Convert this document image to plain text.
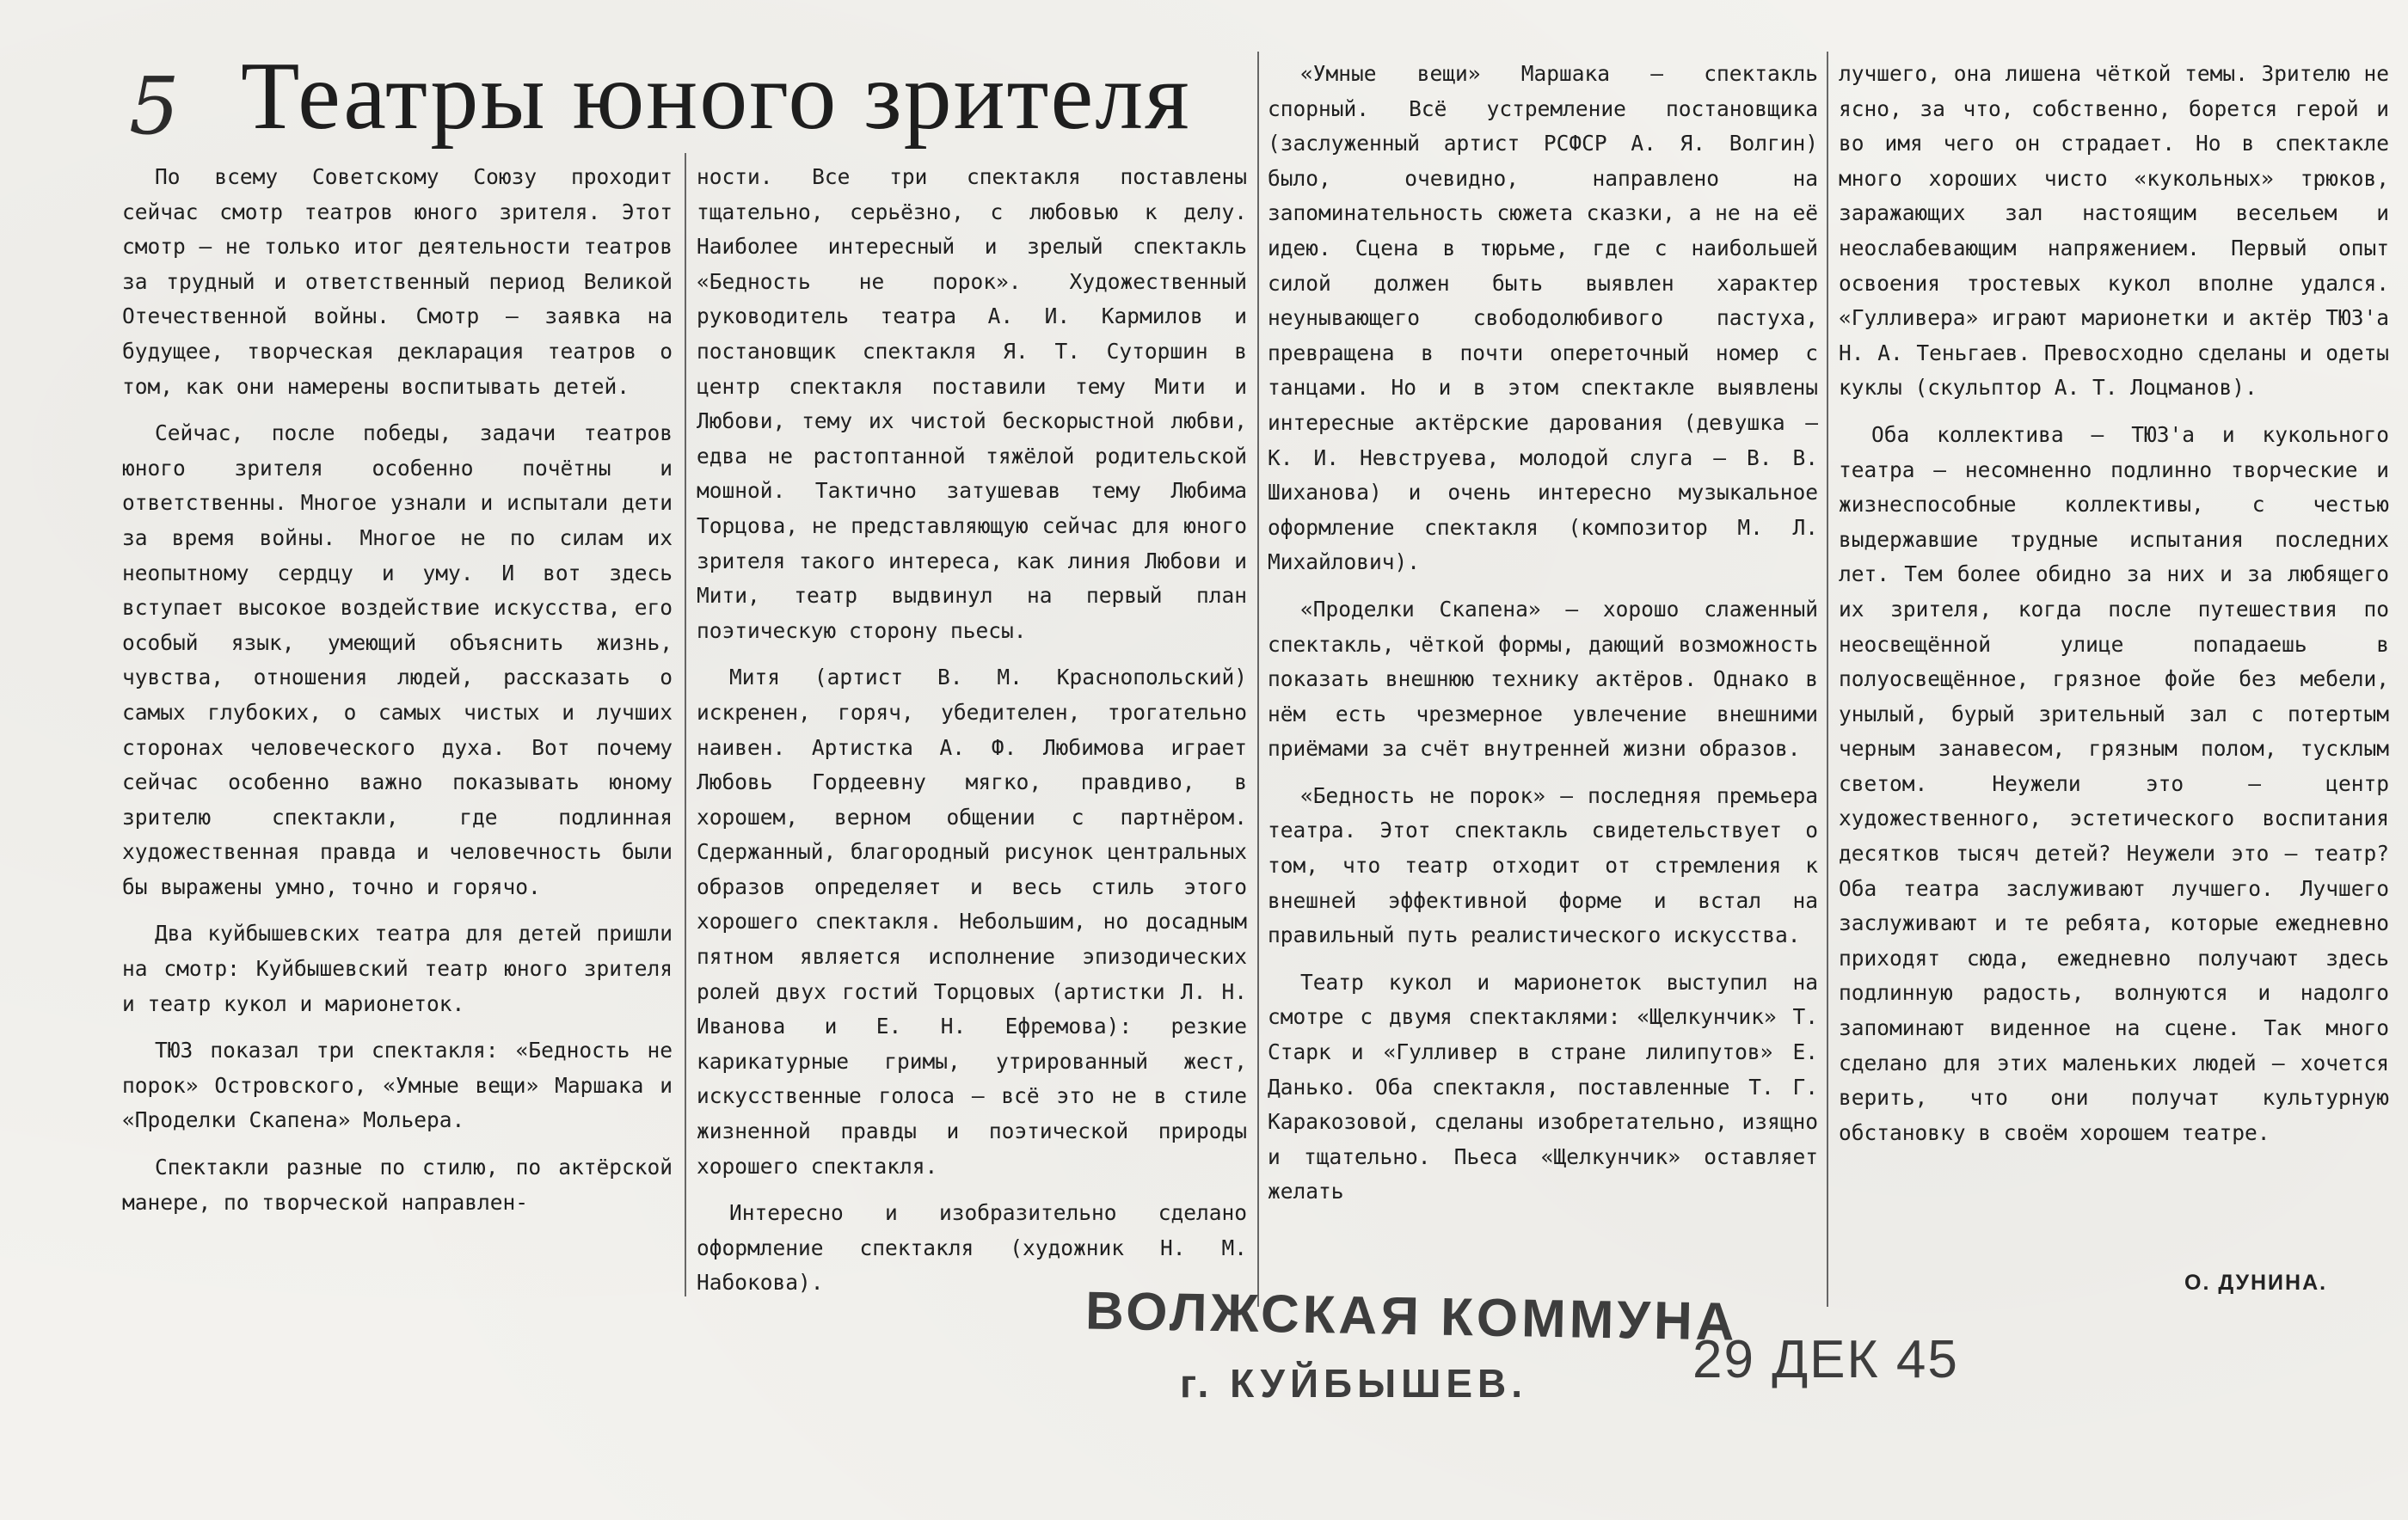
5 Театры юного зрителя

По всему Советскому Союзу проходит сейчас смотр театров юного зрителя. Этот смотр — не только итог деятельности театров за трудный и ответственный период Великой Отечественной войны. Смотр — заявка на будущее, творческая декларация театров о том, как они намерены воспитывать детей.

Сейчас, после победы, задачи театров юного зрителя особенно почётны и ответственны. Многое узнали и испытали дети за время войны. Многое не по силам их неопытному сердцу и уму. И вот здесь вступает высокое воздействие искусства, его особый язык, умеющий объяснить жизнь, чувства, отношения людей, рассказать о самых глубоких, о самых чистых и лучших сторонах человеческого духа. Вот почему сейчас особенно важно показывать юному зрителю спектакли, где подлинная художественная правда и человечность были бы выражены умно, точно и горячо.

Два куйбышевских театра для детей пришли на смотр: Куйбышевский театр юного зрителя и театр кукол и марионеток.

ТЮЗ показал три спектакля: «Бедность не порок» Островского, «Умные вещи» Маршака и «Проделки Скапена» Мольера.

Спектакли разные по стилю, по актёрской манере, по творческой направлен-

ности. Все три спектакля поставлены тщательно, серьёзно, с любовью к делу. Наиболее интересный и зрелый спектакль «Бедность не порок». Художественный руководитель театра А. И. Кармилов и постановщик спектакля Я. Т. Суторшин в центр спектакля поставили тему Мити и Любови, тему их чистой бескорыстной любви, едва не растоптанной тяжёлой родительской мошной. Тактично затушевав тему Любима Торцова, не представляющую сейчас для юного зрителя такого интереса, как линия Любови и Мити, театр выдвинул на первый план поэтическую сторону пьесы.

Митя (артист В. М. Краснопольский) искренен, горяч, убедителен, трогательно наивен. Артистка А. Ф. Любимова играет Любовь Гордеевну мягко, правдиво, в хорошем, верном общении с партнёром. Сдержанный, благородный рисунок центральных образов определяет и весь стиль этого хорошего спектакля. Небольшим, но досадным пятном является исполнение эпизодических ролей двух гостий Торцовых (артистки Л. Н. Иванова и Е. Н. Ефремова): резкие карикатурные гримы, утрированный жест, искусственные голоса — всё это не в стиле жизненной правды и поэтической природы хорошего спектакля.

Интересно и изобразительно сделано оформление спектакля (художник Н. М. Набокова).

«Умные вещи» Маршака — спектакль спорный. Всё устремление постановщика (заслуженный артист РСФСР А. Я. Волгин) было, очевидно, направлено на запоминательность сюжета сказки, а не на её идею. Сцена в тюрьме, где с наибольшей силой должен быть выявлен характер неунывающего свободолюбивого пастуха, превращена в почти опереточный номер с танцами. Но и в этом спектакле выявлены интересные актёрские дарования (девушка — К. И. Невструева, молодой слуга — В. В. Шиханова) и очень интересно музыкальное оформление спектакля (композитор М. Л. Михайлович).

«Проделки Скапена» — хорошо слаженный спектакль, чёткой формы, дающий возможность показать внешнюю технику актёров. Однако в нём есть чрезмерное увлечение внешними приёмами за счёт внутренней жизни образов.

«Бедность не порок» — последняя премьера театра. Этот спектакль свидетельствует о том, что театр отходит от стремления к внешней эффективной форме и встал на правильный путь реалистического искусства.

Театр кукол и марионеток выступил на смотре с двумя спектаклями: «Щелкунчик» Т. Старк и «Гулливер в стране лилипутов» Е. Данько. Оба спектакля, поставленные Т. Г. Каракозовой, сделаны изобретательно, изящно и тщательно. Пьеса «Щелкунчик» оставляет желать

лучшего, она лишена чёткой темы. Зрителю не ясно, за что, собственно, борется герой и во имя чего он страдает. Но в спектакле много хороших чисто «кукольных» трюков, заражающих зал настоящим весельем и неослабевающим напряжением. Первый опыт освоения тростевых кукол вполне удался. «Гулливера» играют марионетки и актёр ТЮЗ'а Н. А. Теньгаев. Превосходно сделаны и одеты куклы (скульптор А. Т. Лоцманов).

Оба коллектива — ТЮЗ'а и кукольного театра — несомненно подлинно творческие и жизнеспособные коллективы, с честью выдержавшие трудные испытания последних лет. Тем более обидно за них и за любящего их зрителя, когда после путешествия по неосвещённой улице попадаешь в полуосвещённое, грязное фойе без мебели, унылый, бурый зрительный зал с потертым черным занавесом, грязным полом, тусклым светом. Неужели это — центр художественного, эстетического воспитания десятков тысяч детей? Неужели это — театр? Оба театра заслуживают лучшего. Лучшего заслуживают и те ребята, которые ежедневно приходят сюда, ежедневно получают здесь подлинную радость, волнуются и надолго запоминают виденное на сцене. Так много сделано для этих маленьких людей — хочется верить, что они получат культурную обстановку в своём хорошем театре.

О. ДУНИНА.
ВОЛЖСКАЯ КОММУНА
г. КУЙБЫШЕВ.	29 ДЕК 45
